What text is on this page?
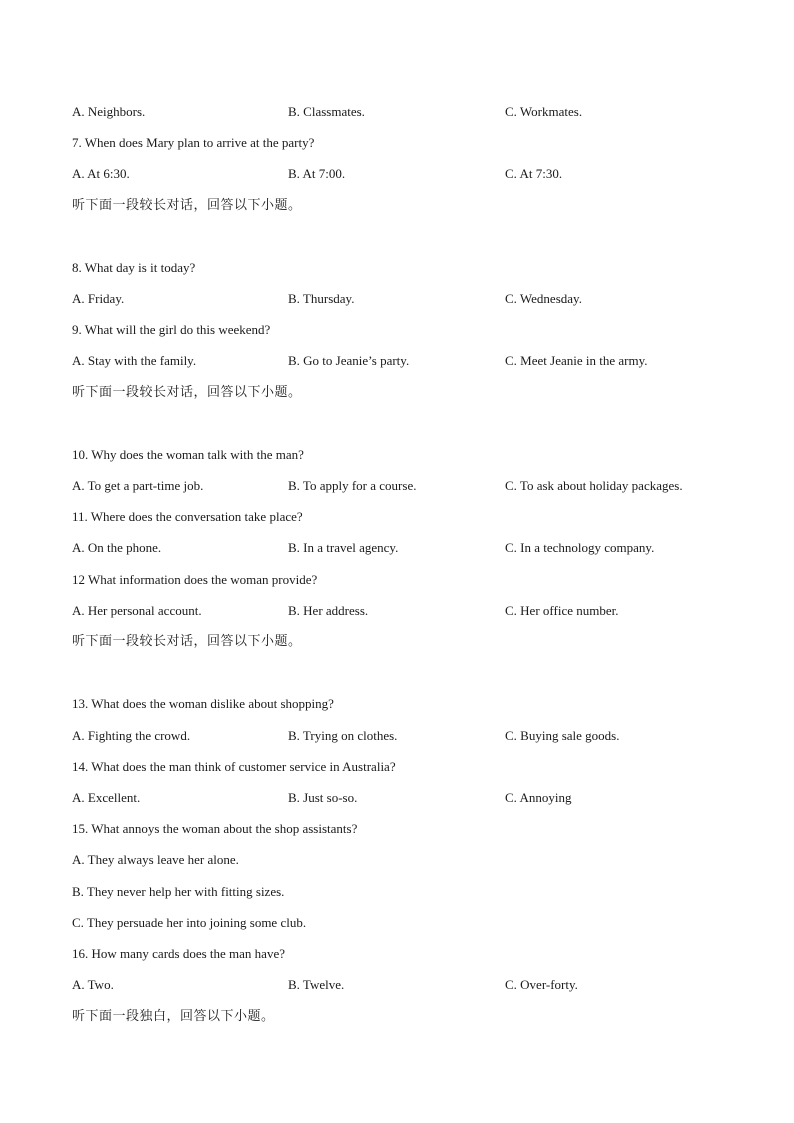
A. Neighbors.	B. Classmates.	C. Workmates.
7. When does Mary plan to arrive at the party?
A. At 6:30.	B. At 7:00.	C. At 7:30.
听下面一段较长对话，回答以下小题。
8. What day is it today?
A. Friday.	B. Thursday.	C. Wednesday.
9. What will the girl do this weekend?
A. Stay with the family.	B. Go to Jeanie’s party.	C. Meet Jeanie in the army.
听下面一段较长对话，回答以下小题。
10. Why does the woman talk with the man?
A. To get a part-time job.	B. To apply for a course.	C. To ask about holiday packages.
11. Where does the conversation take place?
A. On the phone.	B. In a travel agency.	C. In a technology company.
12 What information does the woman provide?
A. Her personal account.	B. Her address.	C. Her office number.
听下面一段较长对话，回答以下小题。
13. What does the woman dislike about shopping?
A. Fighting the crowd.	B. Trying on clothes.	C. Buying sale goods.
14. What does the man think of customer service in Australia?
A. Excellent.	B. Just so-so.	C. Annoying
15. What annoys the woman about the shop assistants?
A. They always leave her alone.
B. They never help her with fitting sizes.
C. They persuade her into joining some club.
16. How many cards does the man have?
A. Two.	B. Twelve.	C. Over-forty.
听下面一段独白，回答以下小题。
